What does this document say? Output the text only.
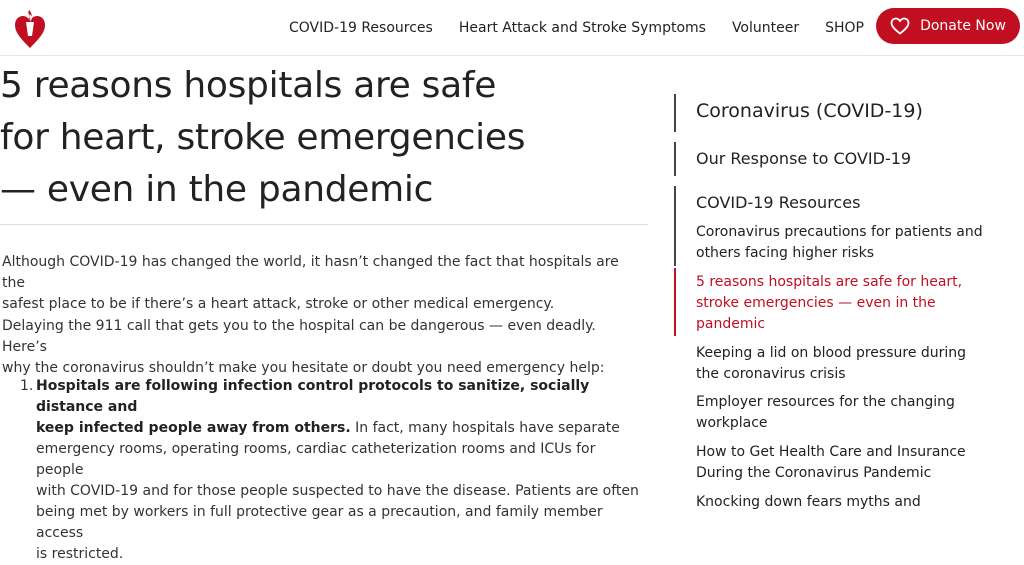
COVID-19 Resources Heart Attack and Stroke Symptoms Volunteer SHOP	Donate Now
5 reasons hospitals are safe
for heart, stroke emergencies
— even in the pandemic
Although COVID-19 has changed the world, it hasn’t changed the fact that hospitals are the
safest place to be if there’s a heart attack, stroke or other medical emergency.
Delaying the 911 call that gets you to the hospital can be dangerous — even deadly. Here’s
why the coronavirus shouldn’t make you hesitate or doubt you need emergency help:
1. Hospitals are following infection control protocols to sanitize, socially distance and
keep infected people away from others. In fact, many hospitals have separate
emergency rooms, operating rooms, cardiac catheterization rooms and ICUs for people
with COVID-19 and for those people suspected to have the disease. Patients are often
being met by workers in full protective gear as a precaution, and family member access
is restricted.
Coronavirus (COVID-19)
Our Response to COVID-19
COVID-19 Resources
Coronavirus precautions for patients and
others facing higher risks
5 reasons hospitals are safe for heart,
stroke emergencies — even in the
pandemic
Keeping a lid on blood pressure during
the coronavirus crisis
Employer resources for the changing
workplace
How to Get Health Care and Insurance
During the Coronavirus Pandemic
Knocking down fears myths and
